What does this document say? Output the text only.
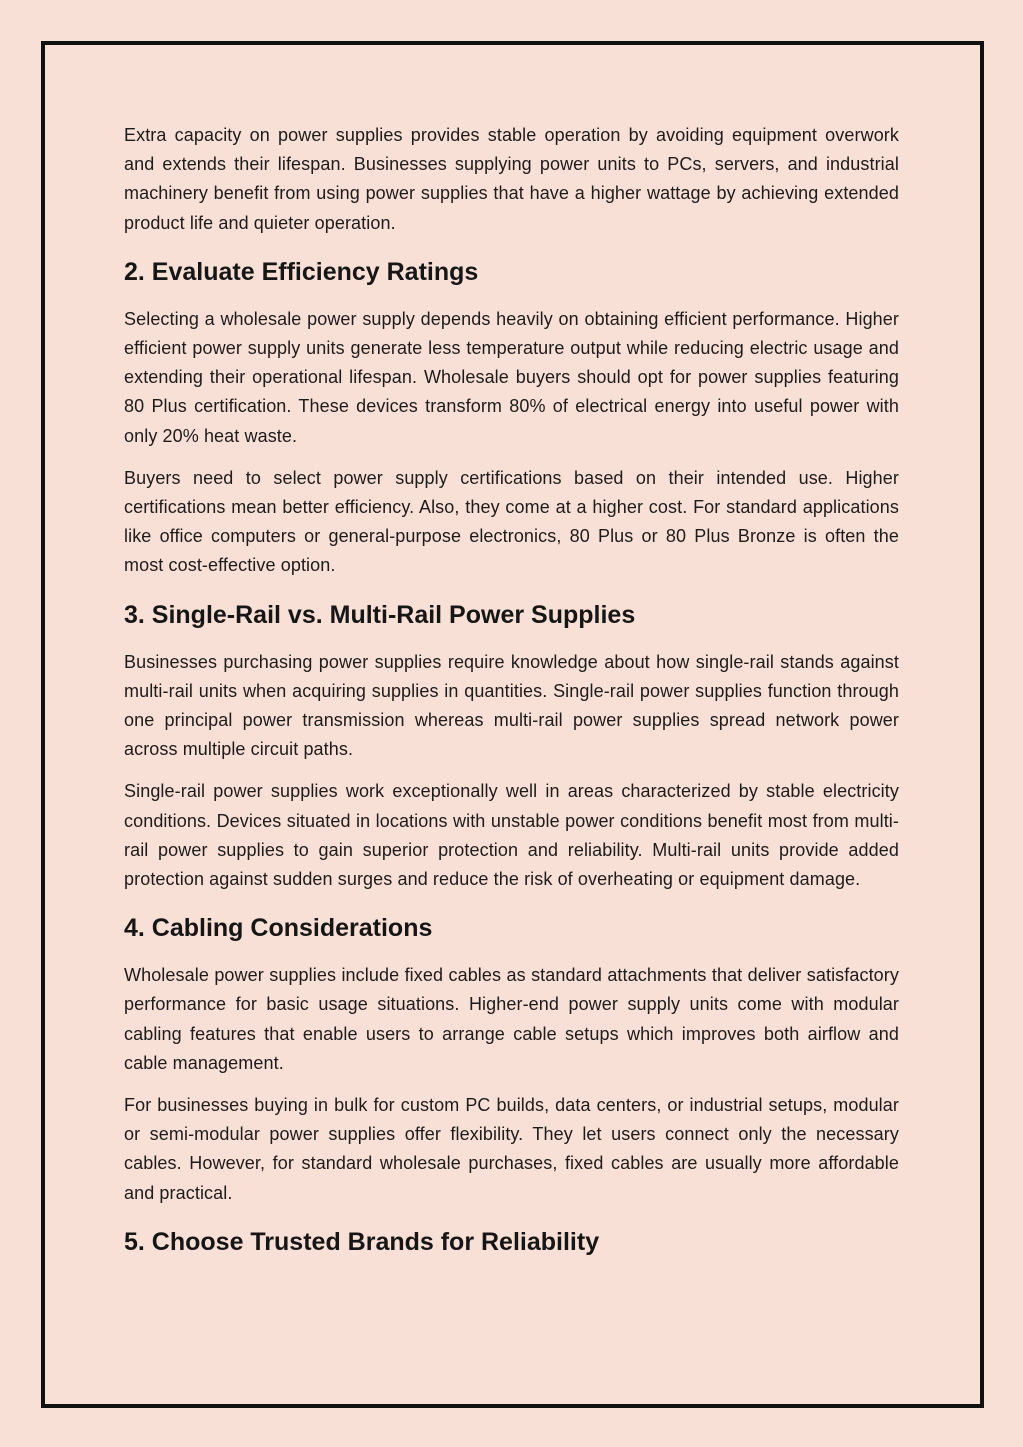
Extra capacity on power supplies provides stable operation by avoiding equipment overwork and extends their lifespan. Businesses supplying power units to PCs, servers, and industrial machinery benefit from using power supplies that have a higher wattage by achieving extended product life and quieter operation.

2. Evaluate Efficiency Ratings

Selecting a wholesale power supply depends heavily on obtaining efficient performance. Higher efficient power supply units generate less temperature output while reducing electric usage and extending their operational lifespan. Wholesale buyers should opt for power supplies featuring 80 Plus certification. These devices transform 80% of electrical energy into useful power with only 20% heat waste.

Buyers need to select power supply certifications based on their intended use. Higher certifications mean better efficiency. Also, they come at a higher cost. For standard applications like office computers or general-purpose electronics, 80 Plus or 80 Plus Bronze is often the most cost-effective option.

3. Single-Rail vs. Multi-Rail Power Supplies

Businesses purchasing power supplies require knowledge about how single-rail stands against multi-rail units when acquiring supplies in quantities. Single-rail power supplies function through one principal power transmission whereas multi-rail power supplies spread network power across multiple circuit paths.

Single-rail power supplies work exceptionally well in areas characterized by stable electricity conditions. Devices situated in locations with unstable power conditions benefit most from multi-rail power supplies to gain superior protection and reliability. Multi-rail units provide added protection against sudden surges and reduce the risk of overheating or equipment damage.

4. Cabling Considerations

Wholesale power supplies include fixed cables as standard attachments that deliver satisfactory performance for basic usage situations. Higher-end power supply units come with modular cabling features that enable users to arrange cable setups which improves both airflow and cable management.

For businesses buying in bulk for custom PC builds, data centers, or industrial setups, modular or semi-modular power supplies offer flexibility. They let users connect only the necessary cables. However, for standard wholesale purchases, fixed cables are usually more affordable and practical.

5. Choose Trusted Brands for Reliability
